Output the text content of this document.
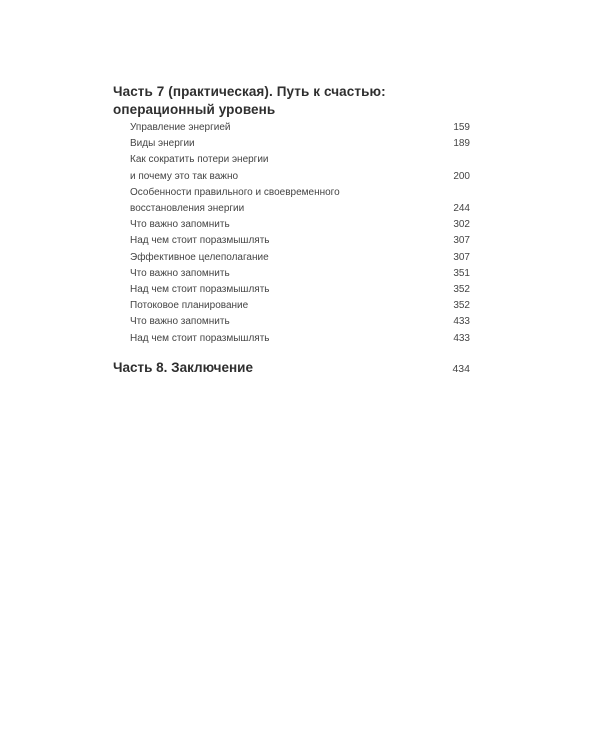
Часть 7 (практическая). Путь к счастью:
операционный уровень
Управление энергией	159
Виды энергии	189
Как сократить потери энергии
и почему это так важно	200
Особенности правильного и своевременного
восстановления энергии	244
Что важно запомнить	302
Над чем стоит поразмышлять	307
Эффективное целеполагание	307
Что важно запомнить	351
Над чем стоит поразмышлять	352
Потоковое планирование	352
Что важно запомнить	433
Над чем стоит поразмышлять	433
Часть 8. Заключение	434
